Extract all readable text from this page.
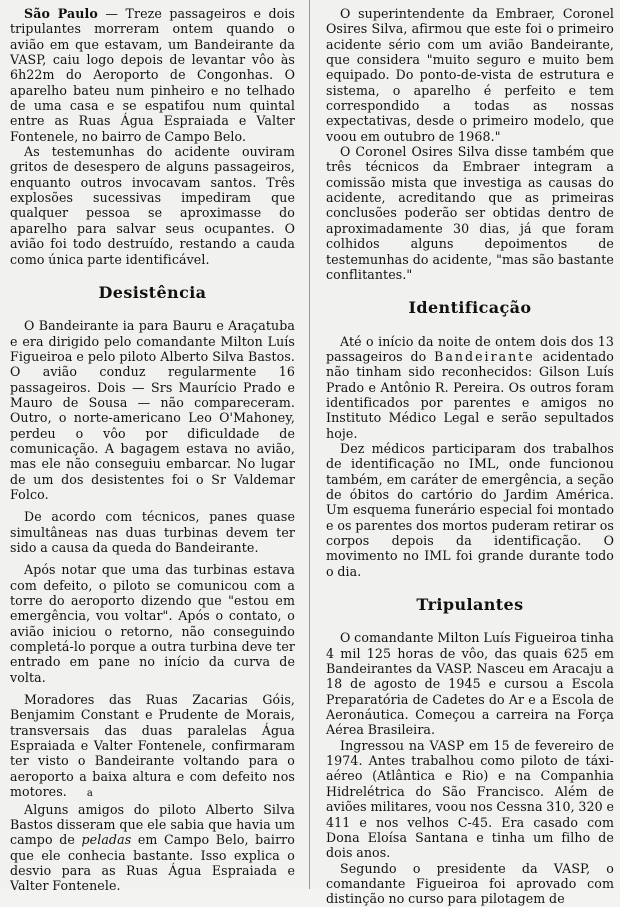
São Paulo — Treze passageiros e dois tripulantes morreram ontem quando o avião em que estavam, um Bandeirante da VASP, caiu logo depois de levantar vôo às 6h22m do Aeroporto de Congonhas. O aparelho bateu num pinheiro e no telhado de uma casa e se espatifou num quintal entre as Ruas Água Espraiada e Valter Fontenele, no bairro de Campo Belo.

As testemunhas do acidente ouviram gritos de desespero de alguns passageiros, enquanto outros invocavam santos. Três explosões sucessivas impediram que qualquer pessoa se aproximasse do aparelho para salvar seus ocupantes. O avião foi todo destruído, restando a cauda como única parte identificável.

Desistência

O Bandeirante ia para Bauru e Araçatuba e era dirigido pelo comandante Milton Luís Figueiroa e pelo piloto Alberto Silva Bastos. O avião conduz regularmente 16 passageiros. Dois — Srs Maurício Prado e Mauro de Sousa — não compareceram. Outro, o norte-americano Leo O'Mahoney, perdeu o vôo por dificuldade de comunicação. A bagagem estava no avião, mas ele não conseguiu embarcar. No lugar de um dos desistentes foi o Sr Valdemar Folco.

De acordo com técnicos, panes quase simultâneas nas duas turbinas devem ter sido a causa da queda do Bandeirante.

Após notar que uma das turbinas estava com defeito, o piloto se comunicou com a torre do aeroporto dizendo que "estou em emergência, vou voltar". Após o contato, o avião iniciou o retorno, não conseguindo completá-lo porque a outra turbina deve ter entrado em pane no início da curva de volta.

Moradores das Ruas Zacarias Góis, Benjamim Constant e Prudente de Morais, transversais das duas paralelas Água Espraiada e Valter Fontenele, confirmaram ter visto o Bandeirante voltando para o aeroporto a baixa altura e com defeito nos motores. a

Alguns amigos do piloto Alberto Silva Bastos disseram que ele sabia que havia um campo de peladas em Campo Belo, bairro que ele conhecia bastante. Isso explica o desvio para as Ruas Água Espraiada e Valter Fontenele.

O superintendente da Embraer, Coronel Osires Silva, afirmou que este foi o primeiro acidente sério com um avião Bandeirante, que considera "muito seguro e muito bem equipado. Do ponto-de-vista de estrutura e sistema, o aparelho é perfeito e tem correspondido a todas as nossas expectativas, desde o primeiro modelo, que voou em outubro de 1968."

O Coronel Osires Silva disse também que três técnicos da Embraer integram a comissão mista que investiga as causas do acidente, acreditando que as primeiras conclusões poderão ser obtidas dentro de aproximadamente 30 dias, já que foram colhidos alguns depoimentos de testemunhas do acidente, "mas são bastante conflitantes."

Identificação

Até o início da noite de ontem dois dos 13 passageiros do Bandeirante acidentado não tinham sido reconhecidos: Gilson Luís Prado e Antônio R. Pereira. Os outros foram identificados por parentes e amigos no Instituto Médico Legal e serão sepultados hoje.

Dez médicos participaram dos trabalhos de identificação no IML, onde funcionou também, em caráter de emergência, a seção de óbitos do cartório do Jardim América. Um esquema funerário especial foi montado e os parentes dos mortos puderam retirar os corpos depois da identificação. O movimento no IML foi grande durante todo o dia.

Tripulantes

O comandante Milton Luís Figueiroa tinha 4 mil 125 horas de vôo, das quais 625 em Bandeirantes da VASP. Nasceu em Aracaju a 18 de agosto de 1945 e cursou a Escola Preparatória de Cadetes do Ar e a Escola de Aeronáutica. Começou a carreira na Força Aérea Brasileira.

Ingressou na VASP em 15 de fevereiro de 1974. Antes trabalhou como piloto de táxi-aéreo (Atlântica e Rio) e na Companhia Hidrelétrica do São Francisco. Além de aviões militares, voou nos Cessna 310, 320 e 411 e nos velhos C-45. Era casado com Dona Eloísa Santana e tinha um filho de dois anos.

Segundo o presidente da VASP, o comandante Figueiroa foi aprovado com distinção no curso para pilotagem de
